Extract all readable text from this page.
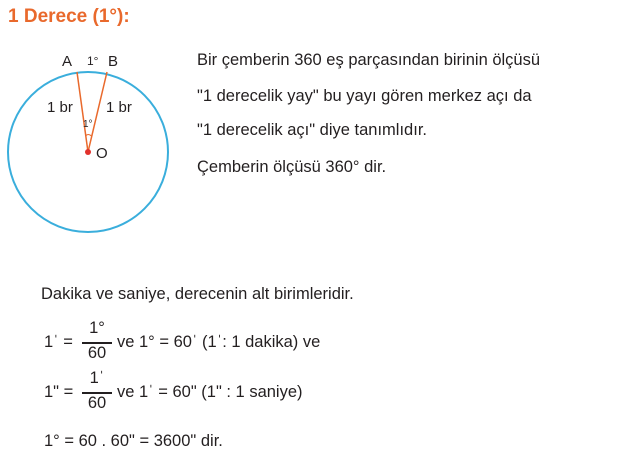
1 Derece (1°):
A 1° B
1 br 1 br
1°
O
Bir çemberin 360 eş parçasından birinin ölçüsü
"1 derecelik yay" bu yayı gören merkez açı da
"1 derecelik açı" diye tanımlıdır.
Çemberin ölçüsü 360° dir.
Dakika ve saniye, derecenin alt birimleridir.
1ˈ =
1°
60
ve 1° = 60ˈ (1ˈ: 1 dakika) ve
1ʺ =
1ˈ
60
ve 1ˈ = 60ʺ (1ʺ : 1 saniye)
1° = 60 . 60ʺ = 3600ʺ dir.
